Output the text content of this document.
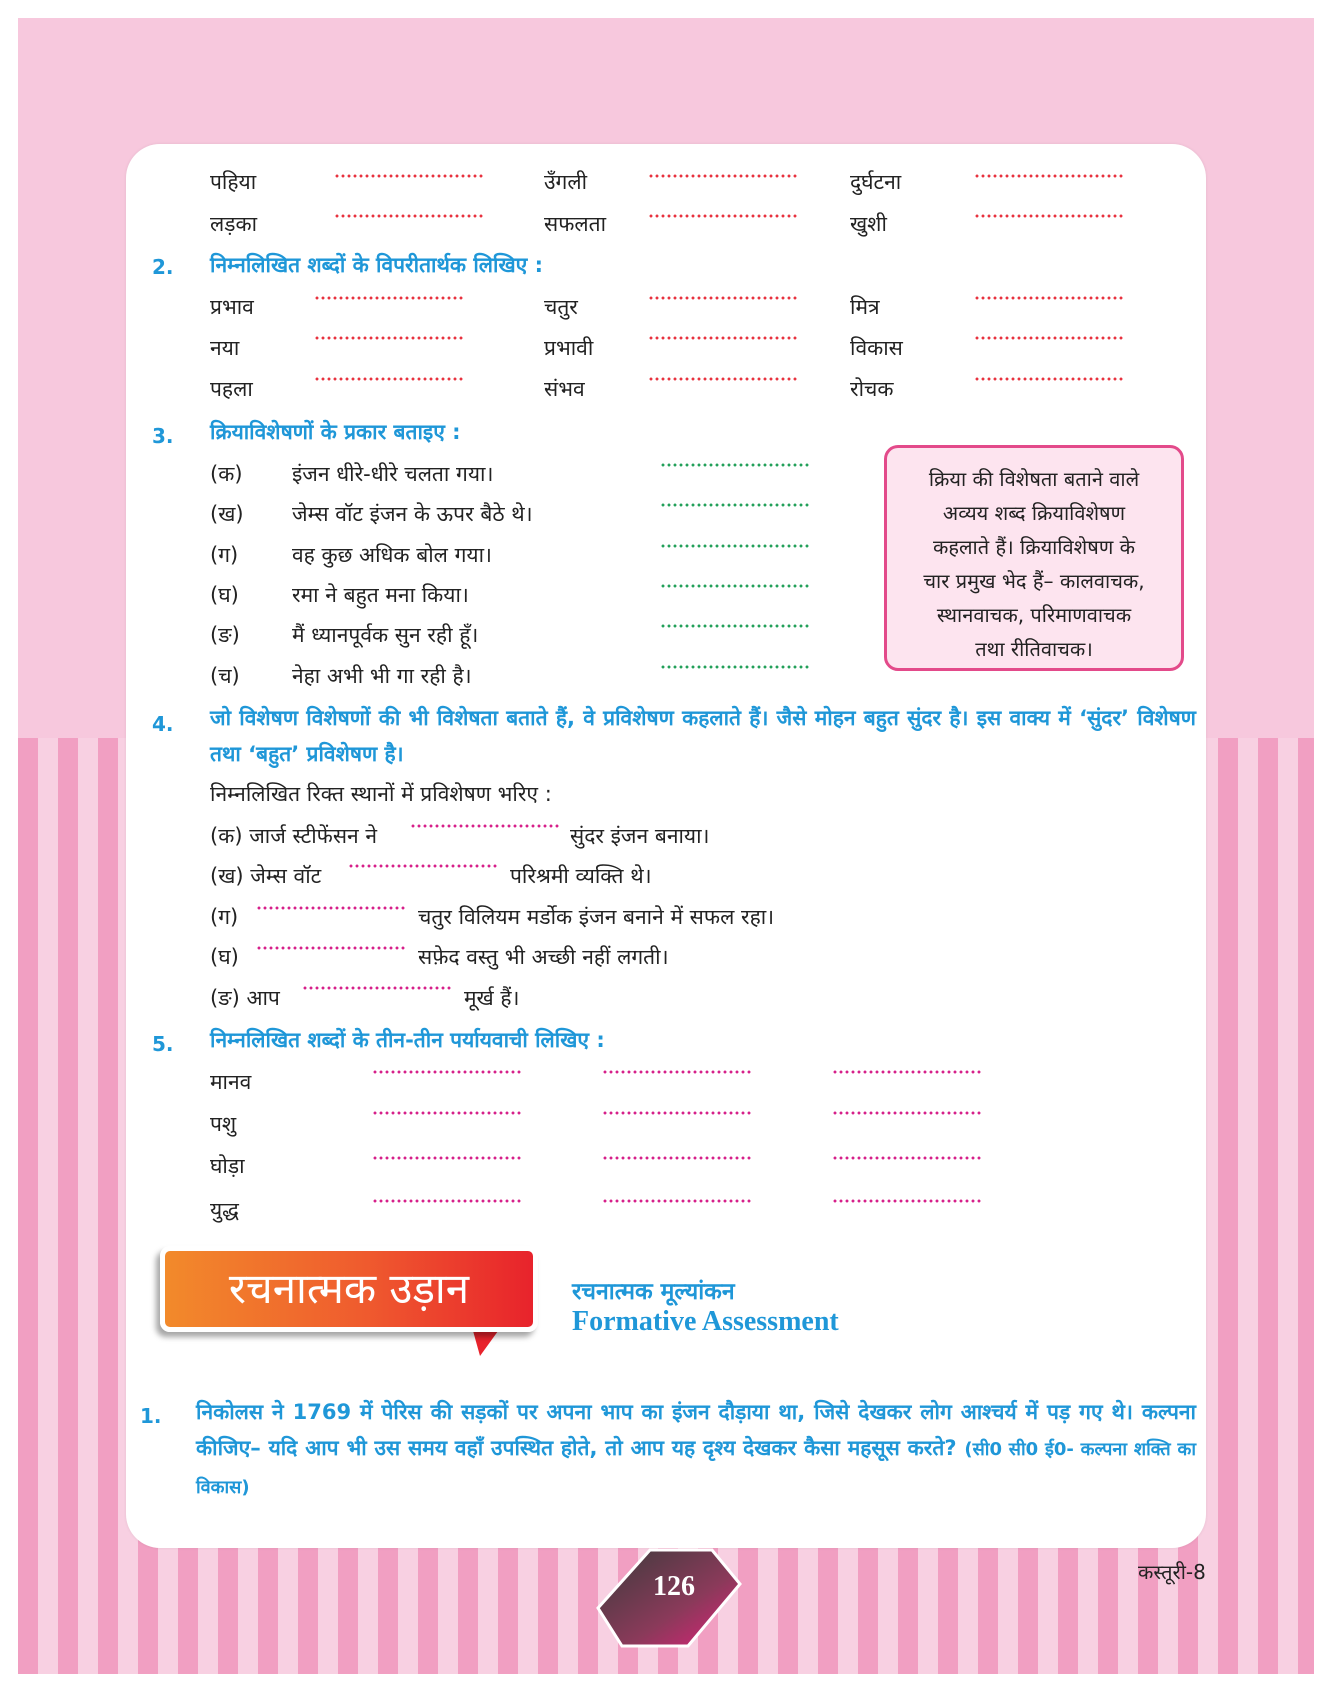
पहिया	उँगली	दुर्घटना
लड़का	सफलता	खुशी
2. निम्नलिखित शब्दों के विपरीतार्थक लिखिए :
प्रभाव	चतुर	मित्र
नया	प्रभावी	विकास
पहला	संभव	रोचक
3. क्रियाविशेषणों के प्रकार बताइए :
(क) इंजन धीरे-धीरे चलता गया।
(ख) जेम्स वॉट इंजन के ऊपर बैठे थे।
(ग)	वह कुछ अधिक बोल गया।
(घ)	रमा ने बहुत मना किया।
(ङ) मैं ध्यानपूर्वक सुन रही हूँ।
(च) नेहा अभी भी गा रही है।
क्रिया की विशेषता बताने वाले
अव्यय शब्द क्रियाविशेषण
कहलाते हैं। क्रियाविशेषण के
चार प्रमुख भेद हैं– कालवाचक,
स्थानवाचक, परिमाणवाचक
तथा रीतिवाचक।
4. जो विशेषण विशेषणों की भी विशेषता बताते हैं, वे प्रविशेषण कहलाते हैं। जैसे मोहन बहुत सुंदर है। इस वाक्य में ‘सुंदर’ विशेषण तथा ‘बहुत’ प्रविशेषण है।
निम्नलिखित रिक्त स्थानों में प्रविशेषण भरिए :
(क) जार्ज स्टीफेंसन ने	सुंदर इंजन बनाया।
(ख) जेम्स वॉट	परिश्रमी व्यक्ति थे।
(ग)	चतुर विलियम मर्डोक इंजन बनाने में सफल रहा।
(घ)	सफ़ेद वस्तु भी अच्छी नहीं लगती।
(ङ) आप	मूर्ख हैं।
5. निम्नलिखित शब्दों के तीन-तीन पर्यायवाची लिखिए :
मानव
पशु
घोड़ा
युद्ध
रचनात्मक उड़ान	रचनात्मक मूल्यांकन
Formative Assessment
1. निकोलस ने 1769 में पेरिस की सड़कों पर अपना भाप का इंजन दौड़ाया था, जिसे देखकर लोग आश्चर्य में पड़ गए थे। कल्पना कीजिए– यदि आप भी उस समय वहाँ उपस्थित होते, तो आप यह दृश्य देखकर कैसा महसूस करते? (सी0 सी0 ई0- कल्पना शक्ति का विकास)
कस्तूरी-8
126
